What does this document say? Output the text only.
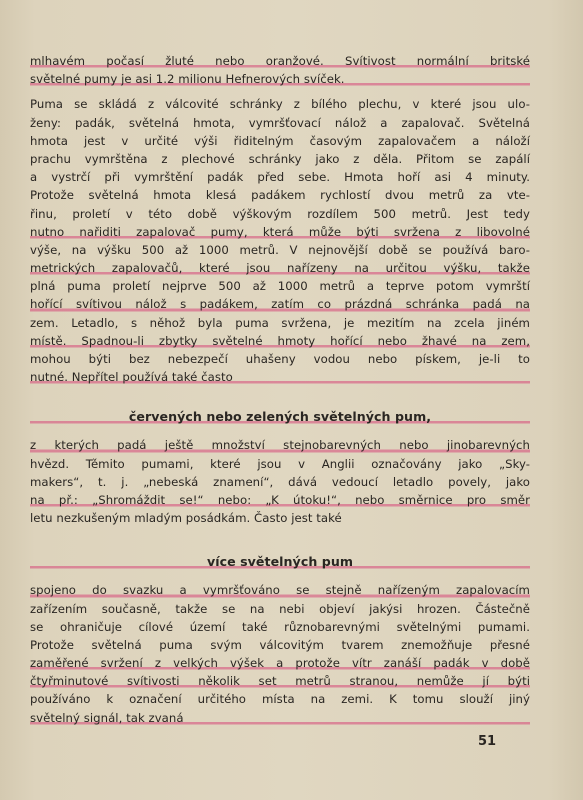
mlhavém počasí žluté nebo oranžové. Svítivost normální britské
světelné pumy je asi 1.2 milionu Hefnerových svíček.
Puma se skládá z válcovité schránky z bílého plechu, v které jsou ulo-
ženy: padák, světelná hmota, vymršťovací nálož a zapalovač. Světelná
hmota jest v určité výši řiditelným časovým zapalovačem a náloží
prachu vymrštěna z plechové schránky jako z děla. Přitom se zapálí
a vystrčí při vymrštění padák před sebe. Hmota hoří asi 4 minuty.
Protože světelná hmota klesá padákem rychlostí dvou metrů za vte-
řinu, proletí v této době výškovým rozdílem 500 metrů. Jest tedy
nutno nařiditi zapalovač pumy, která může býti svržena z libovolné
výše, na výšku 500 až 1000 metrů. V nejnovější době se používá baro-
metrických zapalovačů, které jsou nařízeny na určitou výšku, takže
plná puma proletí nejprve 500 až 1000 metrů a teprve potom vymrští
hořící svítivou nálož s padákem, zatím co prázdná schránka padá na
zem. Letadlo, s něhož byla puma svržena, je mezitím na zcela jiném
místě. Spadnou-li zbytky světelné hmoty hořící nebo žhavé na zem,
mohou býti bez nebezpečí uhašeny vodou nebo pískem, je-li to
nutné. Nepřítel používá také často
červených nebo zelených světelných pum,
z kterých padá ještě množství stejnobarevných nebo jinobarevných
hvězd. Těmito pumami, které jsou v Anglii označovány jako „Sky-
makers“, t. j. „nebeská znamení“, dává vedoucí letadlo povely, jako
na př.: „Shromáždit se!“ nebo: „K útoku!“, nebo směrnice pro směr
letu nezkušeným mladým posádkám. Často jest také
více světelných pum
spojeno do svazku a vymršťováno se stejně nařízeným zapalovacím
zařízením současně, takže se na nebi objeví jakýsi hrozen. Částečně
se ohraničuje cílové území také různobarevnými světelnými pumami.
Protože světelná puma svým válcovitým tvarem znemožňuje přesné
zaměřené svržení z velkých výšek a protože vítr zanáší padák v době
čtyřminutové svítivosti několik set metrů stranou, nemůže jí býti
používáno k označení určitého místa na zemi. K tomu slouží jiný
světelný signál, tak zvaná
51
